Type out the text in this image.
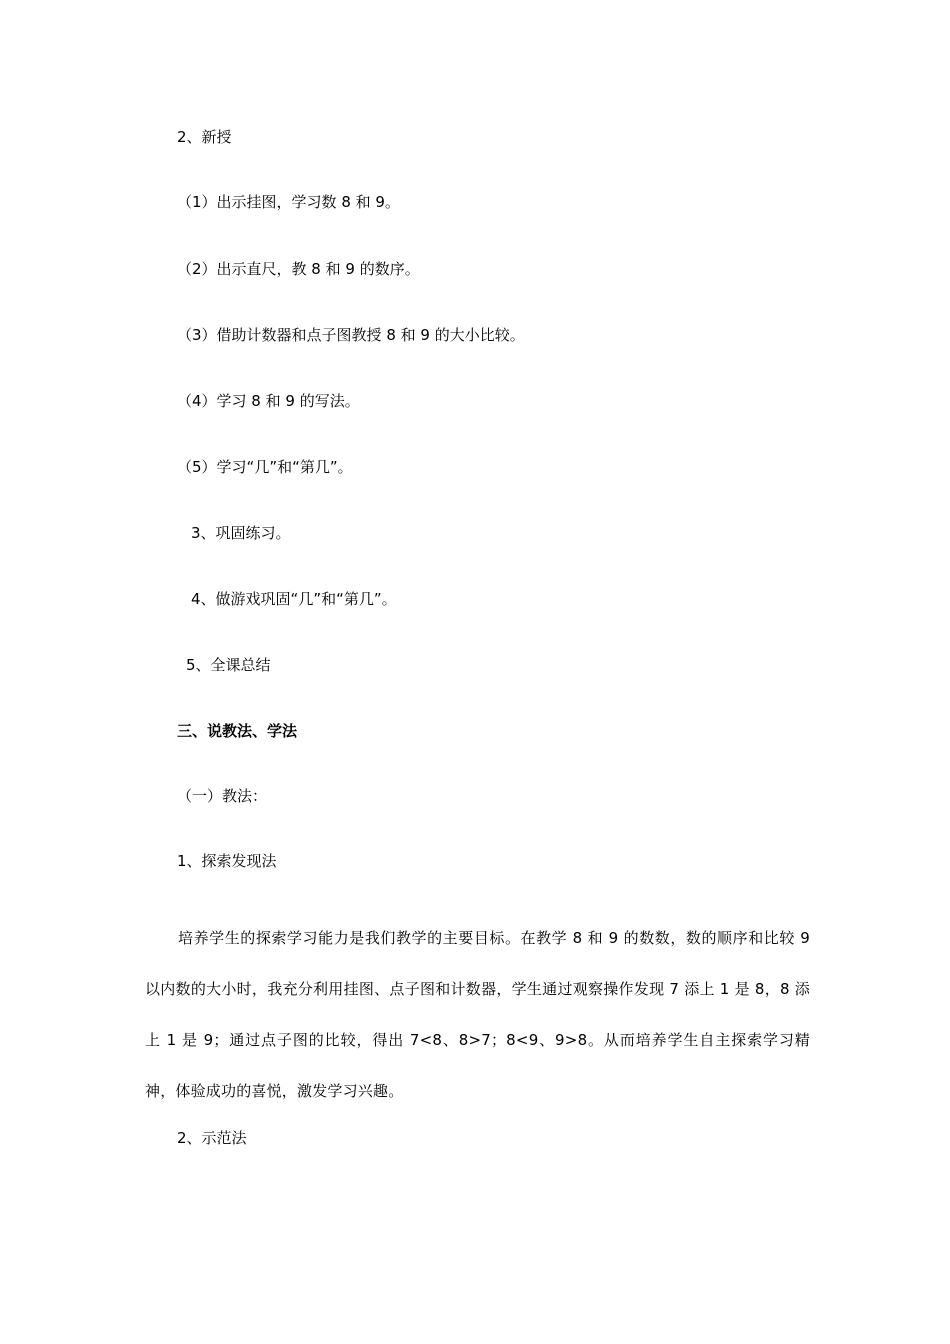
2、新授
（1）出示挂图，学习数 8 和 9。
（2）出示直尺，教 8 和 9 的数序。
（3）借助计数器和点子图教授 8 和 9 的大小比较。
（4）学习 8 和 9 的写法。
（5）学习“几”和“第几”。
3、巩固练习。
4、做游戏巩固“几”和“第几”。
5、全课总结
三、说教法、学法
（一）教法：
1、探索发现法
培养学生的探索学习能力是我们教学的主要目标。在教学 8 和 9 的数数，数的顺序和比较 9 以内数的大小时，我充分利用挂图、点子图和计数器，学生通过观察操作发现 7 添上 1 是 8，8 添上 1 是 9；通过点子图的比较，得出 7<8、8>7；8<9、9>8。从而培养学生自主探索学习精神，体验成功的喜悦，激发学习兴趣。
2、示范法
